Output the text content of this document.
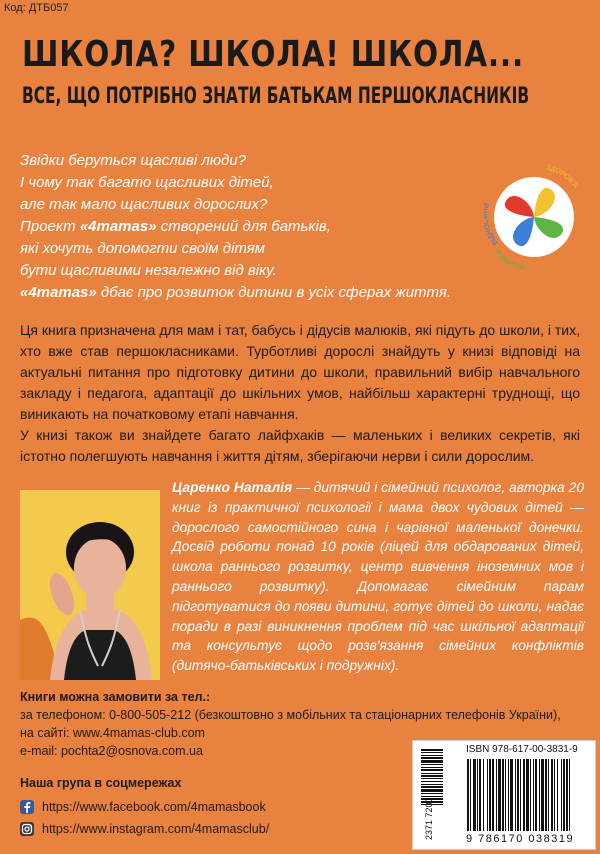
Код: ДТБ057
ШКОЛА? ШКОЛА! ШКОЛА...
ВСЕ, ЩО ПОТРІБНО ЗНАТИ БАТЬКАМ ПЕРШОКЛАСНИКІВ
Звідки беруться щасливі люди?
І чому так багато щасливих дітей,
але так мало щасливих дорослих?
Проект «4mamas» створений для батьків,
які хочуть допомогти своїм дітям
бути щасливими незалежно від віку.
«4mamas» дбає про розвиток дитини в усіх сферах життя.
ВІДНО
ЗДОРОВ'Я
РОЗВИТОК

Ця книга призначена для мам і тат, бабусь і дідусів малюків, які підуть до школи, і тих, хто вже став першокласниками. Турботливі дорослі знайдуть у книзі відповіді на актуальні питання про підготовку дитини до школи, правильний вибір навчального закладу і педагога, адаптації до шкільних умов, найбільш характерні труднощі, що виникають на початковому етапі навчання.

У книзі також ви знайдете багато лайфхаків — маленьких і великих секретів, які істотно полегшують навчання і життя дітям, зберігаючи нерви і сили дорослим.

Царенко Наталія — дитячий і сімейний психолог, авторка 20 книг із практичної психології і мама двох чудових дітей — дорослого самостійного сина і чарівної маленької донечки. Досвід роботи понад 10 років (ліцей для обдарованих дітей, школа раннього розвитку, центр вивчення іноземних мов і раннього розвитку). Допомагає сімейним парам підготуватися до появи дитини, готує дітей до школи, надає поради в разі виникнення проблем під час шкільної адаптації та консультує щодо розв'язання сімейних конфліктів (дитячо-батьківських і подружніх).
Книги можна замовити за тел.:
за телефоном: 0-800-505-212 (безкоштовно з мобільних та стаціонарних телефонів України),
на сайті: www.4mamas-club.com
e-mail: pochta2@osnova.com.ua
Наша група в соцмережах
https://www.facebook.com/4mamasbook
https://www.instagram.com/4mamasclub/
ISBN 978-617-00-3831-9
9 786170 038319
2371 7200
